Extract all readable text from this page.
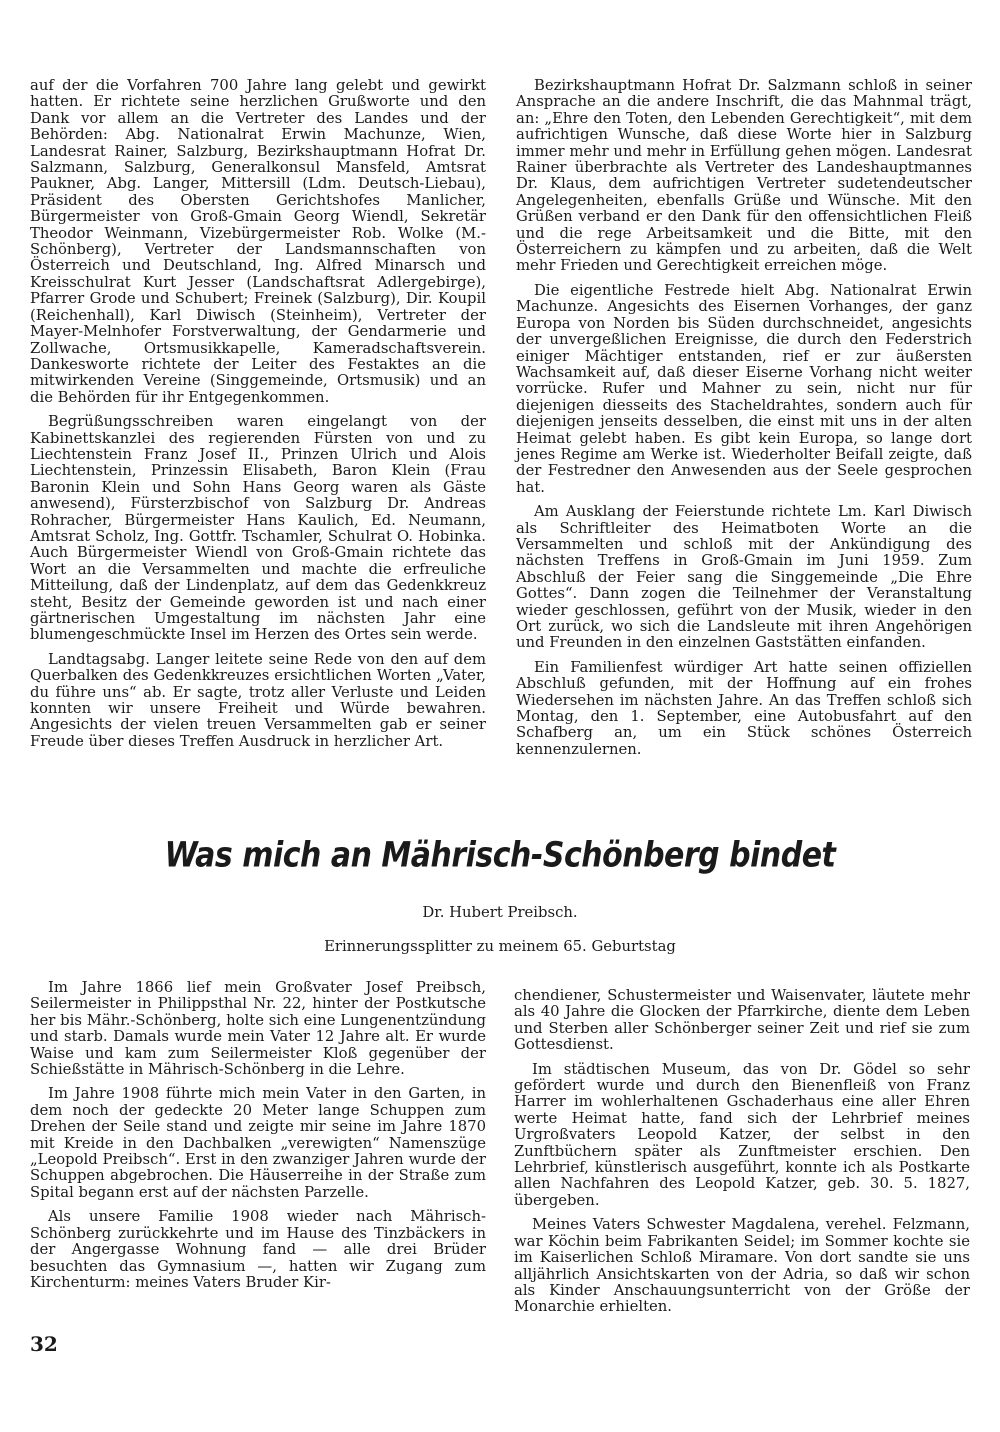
auf der die Vorfahren 700 Jahre lang gelebt und gewirkt hatten. Er richtete seine herzlichen Grußworte und den Dank vor allem an die Vertreter des Landes und der Behörden: Abg. Nationalrat Erwin Machunze, Wien, Landesrat Rainer, Salzburg, Bezirkshauptmann Hofrat Dr. Salzmann, Salzburg, Generalkonsul Mansfeld, Amtsrat Paukner, Abg. Langer, Mittersill (Ldm. Deutsch-Liebau), Präsident des Obersten Gerichtshofes Manlicher, Bürgermeister von Groß-Gmain Georg Wiendl, Sekretär Theodor Weinmann, Vizebürgermeister Rob. Wolke (M.-Schönberg), Vertreter der Landsmannschaften von Österreich und Deutschland, Ing. Alfred Minarsch und Kreisschulrat Kurt Jesser (Landschaftsrat Adlergebirge), Pfarrer Grode und Schubert; Freinek (Salzburg), Dir. Koupil (Reichenhall), Karl Diwisch (Steinheim), Vertreter der Mayer-Melnhofer Forstverwaltung, der Gendarmerie und Zollwache, Ortsmusikkapelle, Kameradschaftsverein. Dankesworte richtete der Leiter des Festaktes an die mitwirkenden Vereine (Singgemeinde, Ortsmusik) und an die Behörden für ihr Entgegenkommen.

Begrüßungsschreiben waren eingelangt von der Kabinettskanzlei des regierenden Fürsten von und zu Liechtenstein Franz Josef II., Prinzen Ulrich und Alois Liechtenstein, Prinzessin Elisabeth, Baron Klein (Frau Baronin Klein und Sohn Hans Georg waren als Gäste anwesend), Fürsterzbischof von Salzburg Dr. Andreas Rohracher, Bürgermeister Hans Kaulich, Ed. Neumann, Amtsrat Scholz, Ing. Gottfr. Tschamler, Schulrat O. Hobinka. Auch Bürgermeister Wiendl von Groß-Gmain richtete das Wort an die Versammelten und machte die erfreuliche Mitteilung, daß der Lindenplatz, auf dem das Gedenkkreuz steht, Besitz der Gemeinde geworden ist und nach einer gärtnerischen Umgestaltung im nächsten Jahr eine blumengeschmückte Insel im Herzen des Ortes sein werde.

Landtagsabg. Langer leitete seine Rede von den auf dem Querbalken des Gedenkkreuzes ersichtlichen Worten „Vater, du führe uns“ ab. Er sagte, trotz aller Verluste und Leiden konnten wir unsere Freiheit und Würde bewahren. Angesichts der vielen treuen Versammelten gab er seiner Freude über dieses Treffen Ausdruck in herzlicher Art.

Bezirkshauptmann Hofrat Dr. Salzmann schloß in seiner Ansprache an die andere Inschrift, die das Mahnmal trägt, an: „Ehre den Toten, den Lebenden Gerechtigkeit“, mit dem aufrichtigen Wunsche, daß diese Worte hier in Salzburg immer mehr und mehr in Erfüllung gehen mögen. Landesrat Rainer überbrachte als Vertreter des Landeshauptmannes Dr. Klaus, dem aufrichtigen Vertreter sudetendeutscher Angelegenheiten, ebenfalls Grüße und Wünsche. Mit den Grüßen verband er den Dank für den offensichtlichen Fleiß und die rege Arbeitsamkeit und die Bitte, mit den Österreichern zu kämpfen und zu arbeiten, daß die Welt mehr Frieden und Gerechtigkeit erreichen möge.

Die eigentliche Festrede hielt Abg. Nationalrat Erwin Machunze. Angesichts des Eisernen Vorhanges, der ganz Europa von Norden bis Süden durchschneidet, angesichts der unvergeßlichen Ereignisse, die durch den Federstrich einiger Mächtiger entstanden, rief er zur äußersten Wachsamkeit auf, daß dieser Eiserne Vorhang nicht weiter vorrücke. Rufer und Mahner zu sein, nicht nur für diejenigen diesseits des Stacheldrahtes, sondern auch für diejenigen jenseits desselben, die einst mit uns in der alten Heimat gelebt haben. Es gibt kein Europa, so lange dort jenes Regime am Werke ist. Wiederholter Beifall zeigte, daß der Festredner den Anwesenden aus der Seele gesprochen hat.

Am Ausklang der Feierstunde richtete Lm. Karl Diwisch als Schriftleiter des Heimatboten Worte an die Versammelten und schloß mit der Ankündigung des nächsten Treffens in Groß-Gmain im Juni 1959. Zum Abschluß der Feier sang die Singgemeinde „Die Ehre Gottes“. Dann zogen die Teilnehmer der Veranstaltung wieder geschlossen, geführt von der Musik, wieder in den Ort zurück, wo sich die Landsleute mit ihren Angehörigen und Freunden in den einzelnen Gaststätten einfanden.

Ein Familienfest würdiger Art hatte seinen offiziellen Abschluß gefunden, mit der Hoffnung auf ein frohes Wiedersehen im nächsten Jahre. An das Treffen schloß sich Montag, den 1. September, eine Autobusfahrt auf den Schafberg an, um ein Stück schönes Österreich kennenzulernen.

Was mich an Mährisch-Schönberg bindet
Dr. Hubert Preibsch.
Erinnerungssplitter zu meinem 65. Geburtstag

Im Jahre 1866 lief mein Großvater Josef Preibsch, Seilermeister in Philippsthal Nr. 22, hinter der Postkutsche her bis Mähr.-Schönberg, holte sich eine Lungenentzündung und starb. Damals wurde mein Vater 12 Jahre alt. Er wurde Waise und kam zum Seilermeister Kloß gegenüber der Schießstätte in Mährisch-Schönberg in die Lehre.

Im Jahre 1908 führte mich mein Vater in den Garten, in dem noch der gedeckte 20 Meter lange Schuppen zum Drehen der Seile stand und zeigte mir seine im Jahre 1870 mit Kreide in den Dachbalken „verewigten“ Namenszüge „Leopold Preibsch“. Erst in den zwanziger Jahren wurde der Schuppen abgebrochen. Die Häuserreihe in der Straße zum Spital begann erst auf der nächsten Parzelle.

Als unsere Familie 1908 wieder nach Mährisch-Schönberg zurückkehrte und im Hause des Tinzbäckers in der Angergasse Wohnung fand — alle drei Brüder besuchten das Gymnasium —, hatten wir Zugang zum Kirchenturm: meines Vaters Bruder Kir-

chendiener, Schustermeister und Waisenvater, läutete mehr als 40 Jahre die Glocken der Pfarrkirche, diente dem Leben und Sterben aller Schönberger seiner Zeit und rief sie zum Gottesdienst.

Im städtischen Museum, das von Dr. Gödel so sehr gefördert wurde und durch den Bienenfleiß von Franz Harrer im wohlerhaltenen Gschaderhaus eine aller Ehren werte Heimat hatte, fand sich der Lehrbrief meines Urgroßvaters Leopold Katzer, der selbst in den Zunftbüchern später als Zunftmeister erschien. Den Lehrbrief, künstlerisch ausgeführt, konnte ich als Postkarte allen Nachfahren des Leopold Katzer, geb. 30. 5. 1827, übergeben.

Meines Vaters Schwester Magdalena, verehel. Felzmann, war Köchin beim Fabrikanten Seidel; im Sommer kochte sie im Kaiserlichen Schloß Miramare. Von dort sandte sie uns alljährlich Ansichtskarten von der Adria, so daß wir schon als Kinder Anschauungsunterricht von der Größe der Monarchie erhielten.

32
